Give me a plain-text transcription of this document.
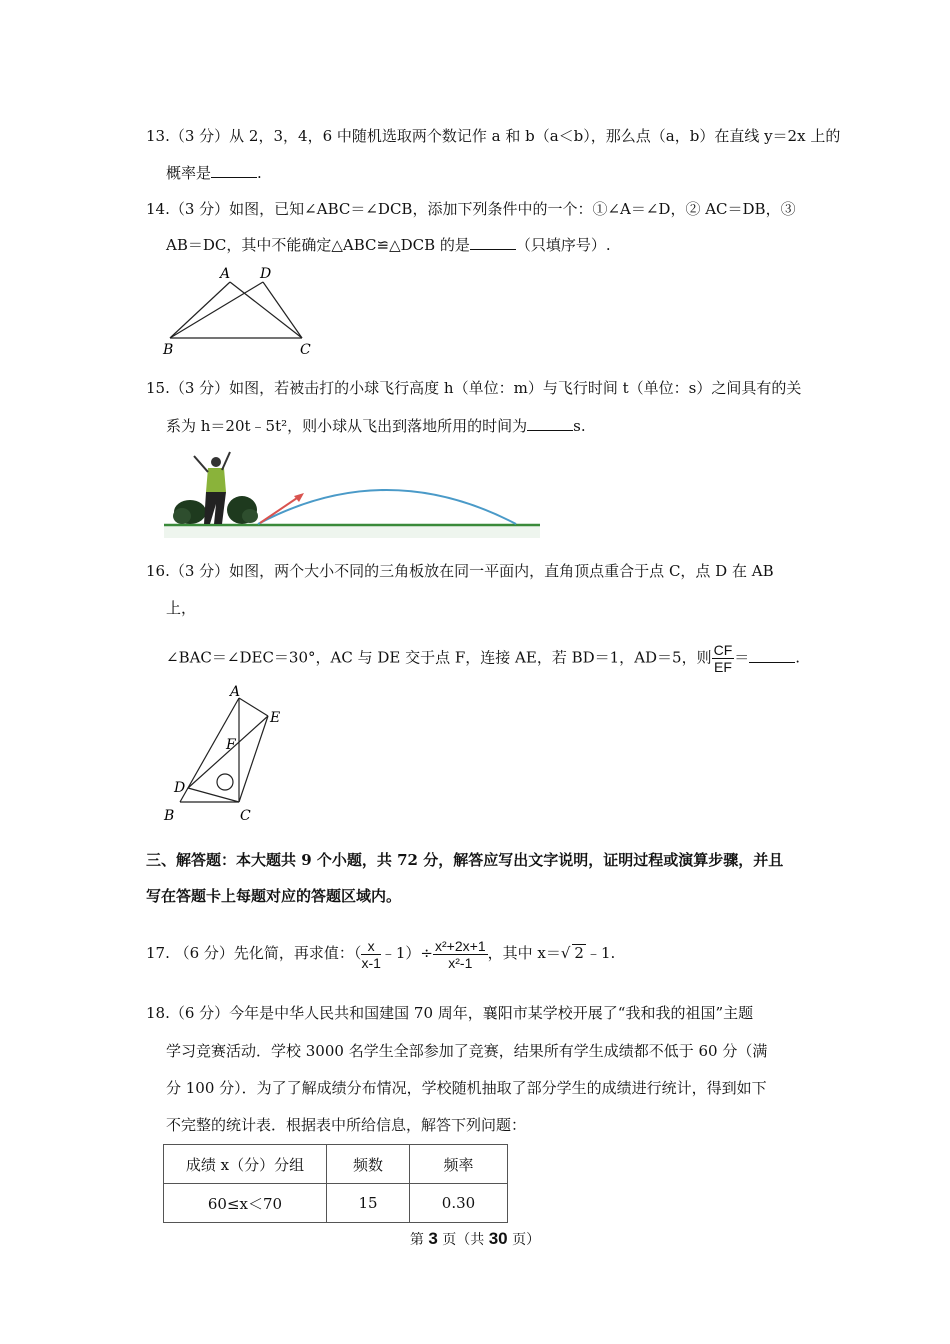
13.（3 分）从 2，3，4，6 中随机选取两个数记作 a 和 b（a＜b），那么点（a，b）在直线 y＝2x 上的
概率是	.
14.（3 分）如图，已知∠ABC＝∠DCB，添加下列条件中的一个：①∠A＝∠D，② AC＝DB，③
AB＝DC，其中不能确定△ABC≌△DCB 的是	（只填序号）.
A D
B	C
15.（3 分）如图，若被击打的小球飞行高度 h（单位：m）与飞行时间 t（单位：s）之间具有的关
系为 h＝20t﹣5t²，则小球从飞出到落地所用的时间为	s.
16.（3 分）如图，两个大小不同的三角板放在同一平面内，直角顶点重合于点 C，点 D 在 AB
上，
∠BAC＝∠DEC＝30°，AC 与 DE 交于点 F，连接 AE，若 BD＝1，AD＝5，则 $\frac{CF}{EF}$ ＝	.
A
E
F
D
B	C
三、解答题：本大题共 9 个小题，共 72 分，解答应写出文字说明，证明过程或演算步骤，并且
写在答题卡上每题对应的答题区域内。
17. （6 分）先化简，再求值：（ $\frac{x}{x-1}$ ﹣1）÷ $\frac{\text{x²+2x+1}}{\text{x²-1}}$ ，其中 x＝√ 2 ﹣1.
18.（6 分）今年是中华人民共和国建国 70 周年，襄阳市某学校开展了“我和我的祖国”主题
学习竞赛活动．学校 3000 名学生全部参加了竞赛，结果所有学生成绩都不低于 60 分（满
分 100 分）．为了了解成绩分布情况，学校随机抽取了部分学生的成绩进行统计，得到如下
不完整的统计表．根据表中所给信息，解答下列问题：
成绩 x（分）分组	频数	频率
60≤x＜70	15	0.30
第 3 页（共 30 页）
